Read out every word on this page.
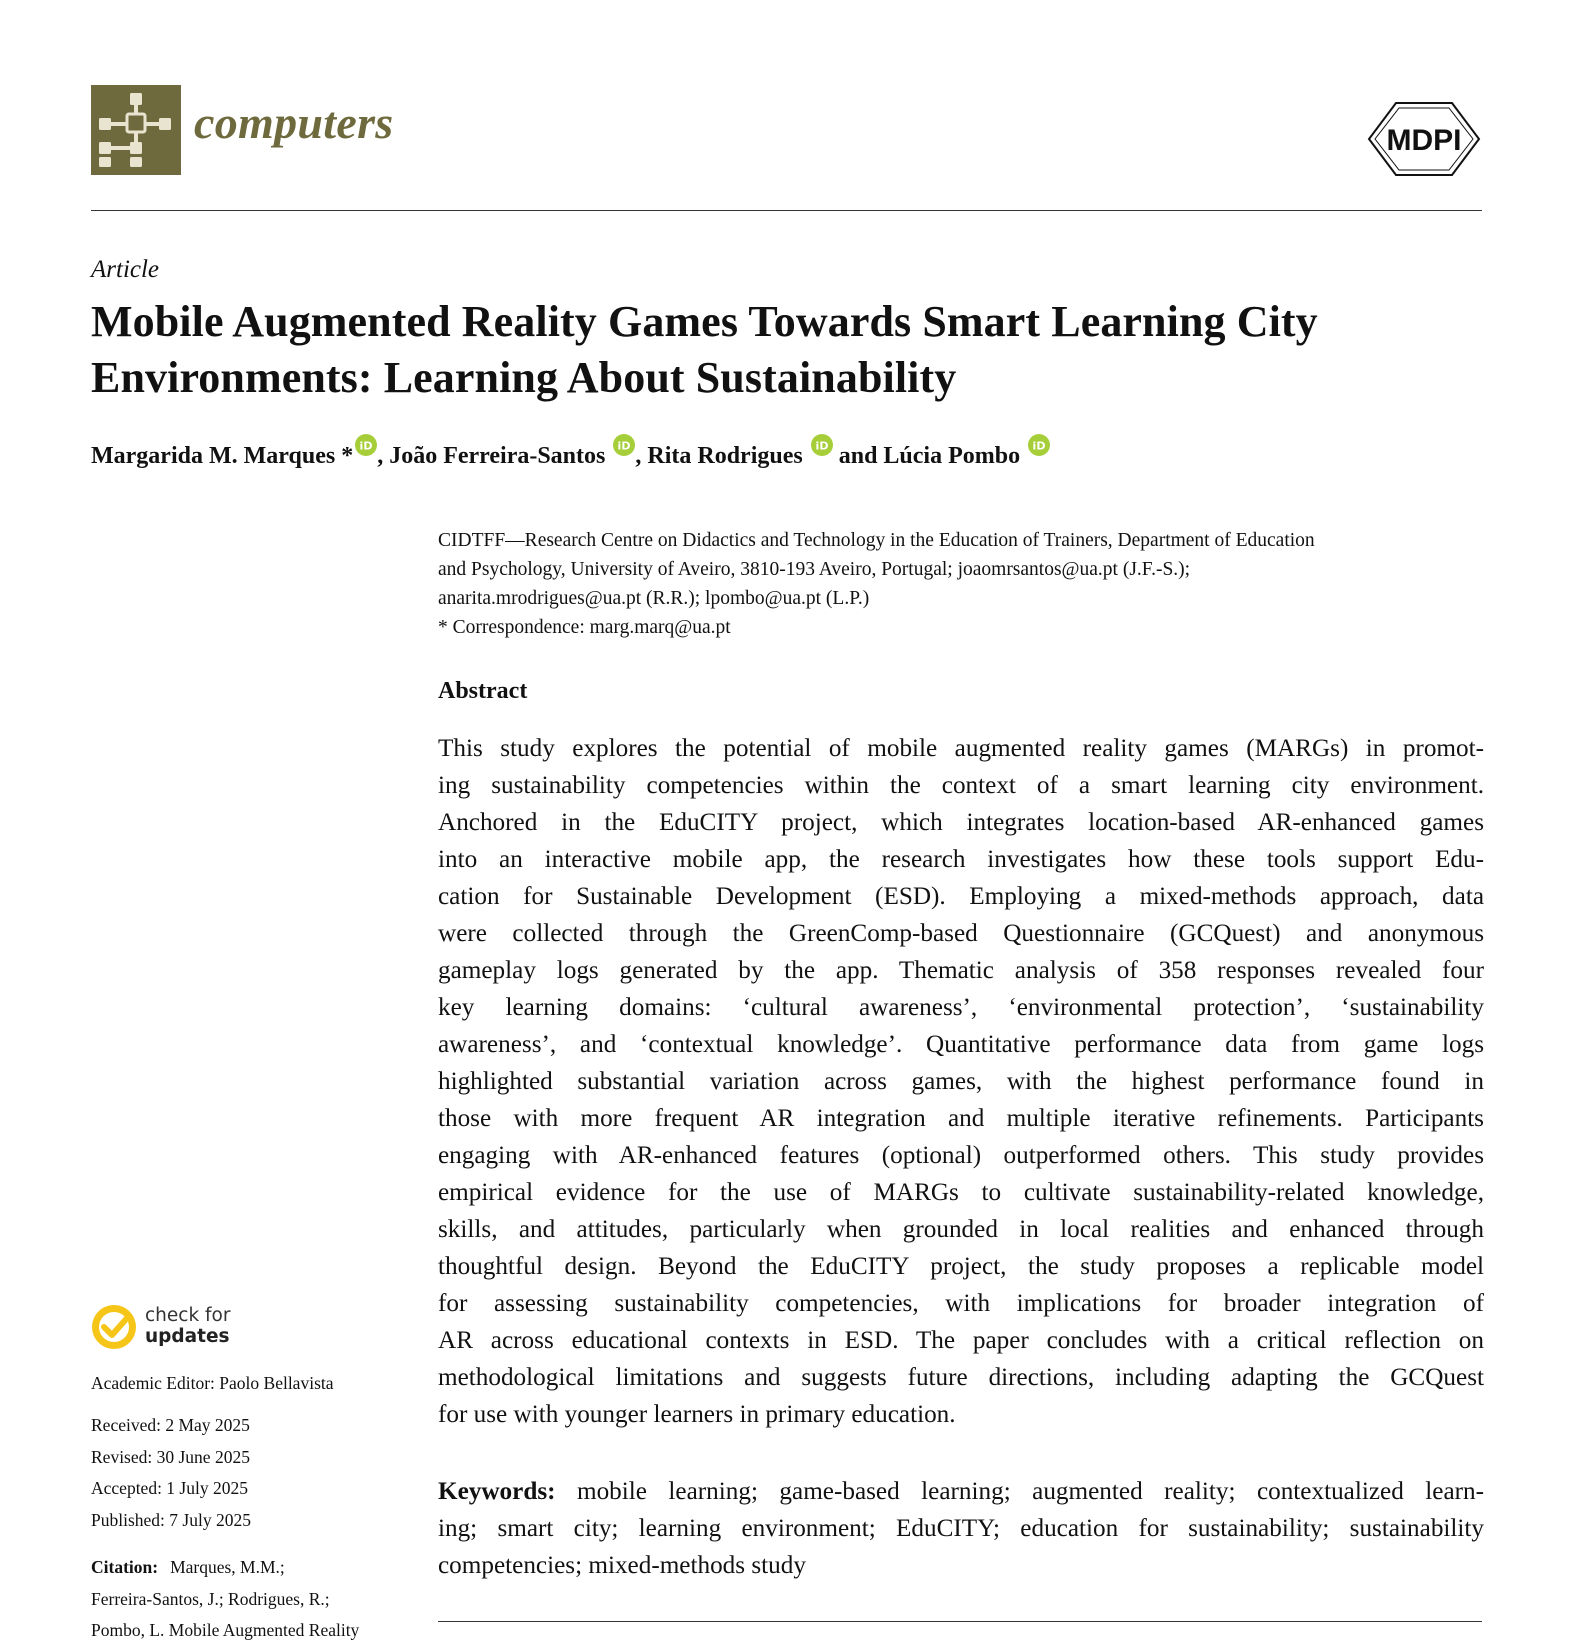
computers	MDPI
Article
Mobile Augmented Reality Games Towards Smart Learning City
Environments: Learning About Sustainability
Margarida M. Marques * iD , João Ferreira-Santos iD , Rita Rodrigues iD and Lúcia Pombo iD
CIDTFF—Research Centre on Didactics and Technology in the Education of Trainers, Department of Education
and Psychology, University of Aveiro, 3810-193 Aveiro, Portugal; joaomrsantos@ua.pt (J.F.-S.);
anarita.mrodrigues@ua.pt (R.R.); lpombo@ua.pt (L.P.)
* Correspondence: marg.marq@ua.pt
Abstract
This study explores the potential of mobile augmented reality games (MARGs) in promot-
ing sustainability competencies within the context of a smart learning city environment.
Anchored in the EduCITY project, which integrates location-based AR-enhanced games
into an interactive mobile app, the research investigates how these tools support Edu-
cation for Sustainable Development (ESD). Employing a mixed-methods approach, data
were collected through the GreenComp-based Questionnaire (GCQuest) and anonymous
gameplay logs generated by the app. Thematic analysis of 358 responses revealed four
key learning domains: ‘cultural awareness’, ‘environmental protection’, ‘sustainability
awareness’, and ‘contextual knowledge’. Quantitative performance data from game logs
highlighted substantial variation across games, with the highest performance found in
those with more frequent AR integration and multiple iterative refinements. Participants
engaging with AR-enhanced features (optional) outperformed others. This study provides
empirical evidence for the use of MARGs to cultivate sustainability-related knowledge,
skills, and attitudes, particularly when grounded in local realities and enhanced through
thoughtful design. Beyond the EduCITY project, the study proposes a replicable model
for assessing sustainability competencies, with implications for broader integration of
AR across educational contexts in ESD. The paper concludes with a critical reflection on
methodological limitations and suggests future directions, including adapting the GCQuest
for use with younger learners in primary education.
Keywords: mobile learning; game-based learning; augmented reality; contextualized learn-
ing; smart city; learning environment; EduCITY; education for sustainability; sustainability
competencies; mixed-methods study
check for
updates
Academic Editor: Paolo Bellavista
Received: 2 May 2025
Revised: 30 June 2025
Accepted: 1 July 2025
Published: 7 July 2025
Citation: Marques, M.M.;
Ferreira-Santos, J.; Rodrigues, R.;
Pombo, L. Mobile Augmented Reality
